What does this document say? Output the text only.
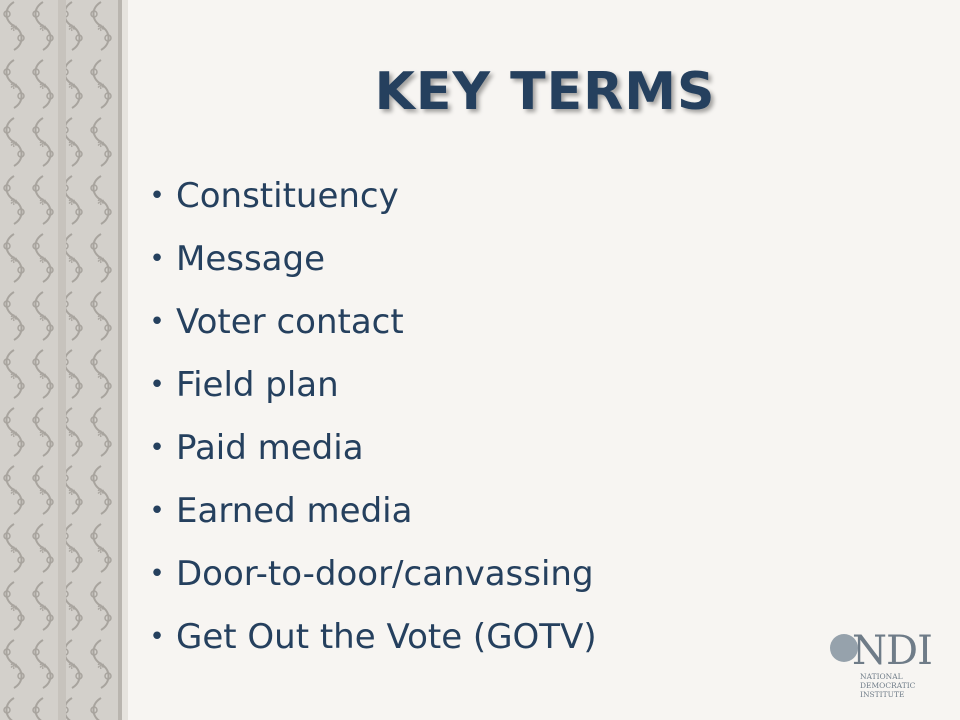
KEY TERMS
• Constituency
• Message
• Voter contact
• Field plan
• Paid media
• Earned media
• Door-to-door/canvassing
• Get Out the Vote (GOTV)	NDI
NATIONAL
DEMOCRATIC
INSTITUTE
